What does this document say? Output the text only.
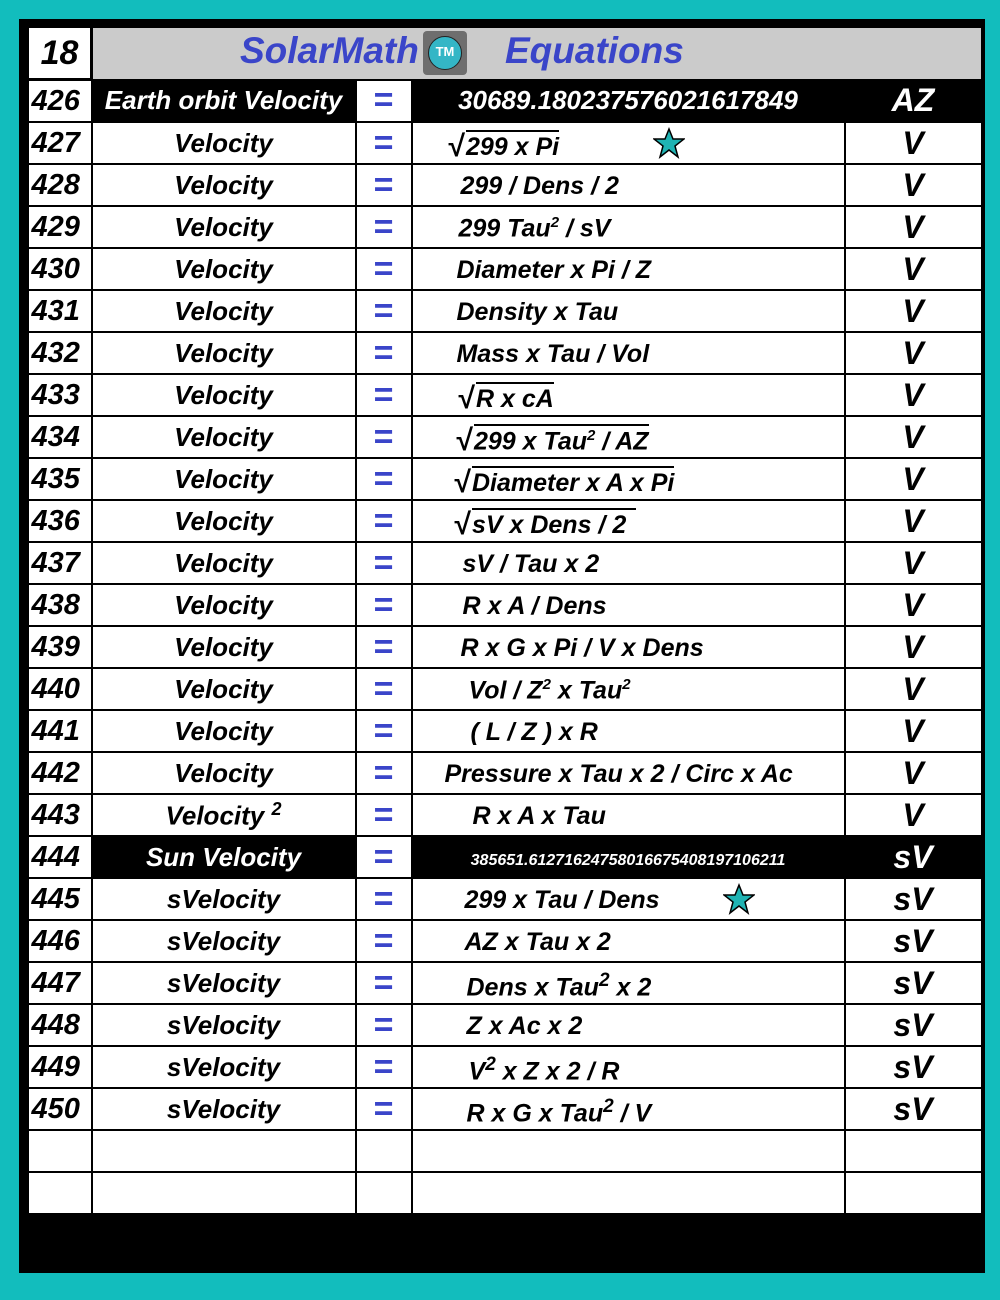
18	SolarMath TM Equations			

426	Earth orbit Velocity	=	30689.180237576021617849	AZ
427	Velocity	=	√ 299 x Pi	V
428	Velocity	=	299 / Dens / 2	V
429	Velocity	=	299 Tau$^2$ / sV	V
430	Velocity	=	Diameter x Pi / Z	V
431	Velocity	=	Density x Tau	V
432	Velocity	=	Mass x Tau / Vol	V
433	Velocity	=	√ R x cA	V
434	Velocity	=	√ 299 x Tau$^2$ / AZ	V
435	Velocity	=	√ Diameter x A x Pi	V
436	Velocity	=	√ sV x Dens / 2	V
437	Velocity	=	sV / Tau x 2	V
438	Velocity	=	R x A / Dens	V
439	Velocity	=	R x G x Pi / V x Dens	V
440	Velocity	=	Vol / $Z^2$ x Tau$^2$	V
441	Velocity	=	( L / Z ) x R	V
442	Velocity	=	Pressure x Tau x 2 / Circ x Ac	V
443	Velocity $^2$	=	R x A x Tau	V
444	Sun Velocity	=	385651.61271624758016675408197106211	sV
445	sVelocity	=	299 x Tau / Dens	sV
446	sVelocity	=	AZ x Tau x 2	sV
447	sVelocity	=	Dens x Tau$^2$ x 2	sV
448	sVelocity	=	Z x Ac x 2	sV
449	sVelocity	=	$V^2$ x Z x 2 / R	sV
450	sVelocity	=	R x G x Tau$^2$ / V	sV
